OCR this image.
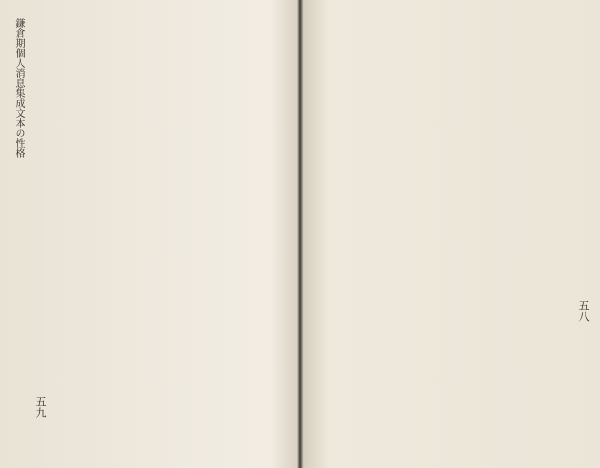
鎌倉期個人消息集成文本の性格
五九
五八
